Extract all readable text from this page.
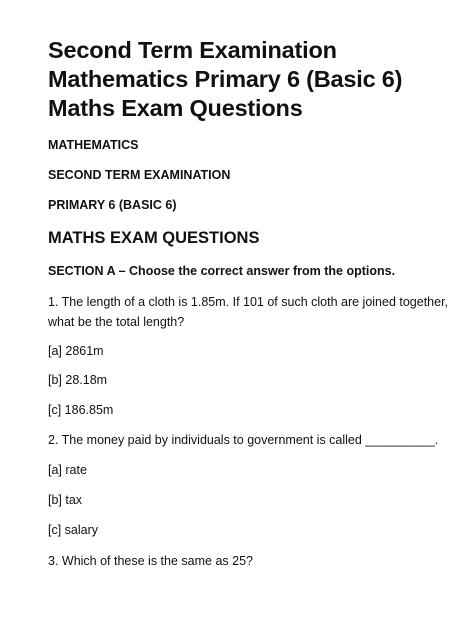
Second Term Examination
Mathematics Primary 6 (Basic 6)
Maths Exam Questions

MATHEMATICS

SECOND TERM EXAMINATION

PRIMARY 6 (BASIC 6)

MATHS EXAM QUESTIONS

SECTION A – Choose the correct answer from the options.

1. The length of a cloth is 1.85m. If 101 of such cloth are joined together, what be the total length?

[a] 2861m

[b] 28.18m

[c] 186.85m

2. The money paid by individuals to government is called __________.

[a] rate

[b] tax

[c] salary

3. Which of these is the same as 25?
